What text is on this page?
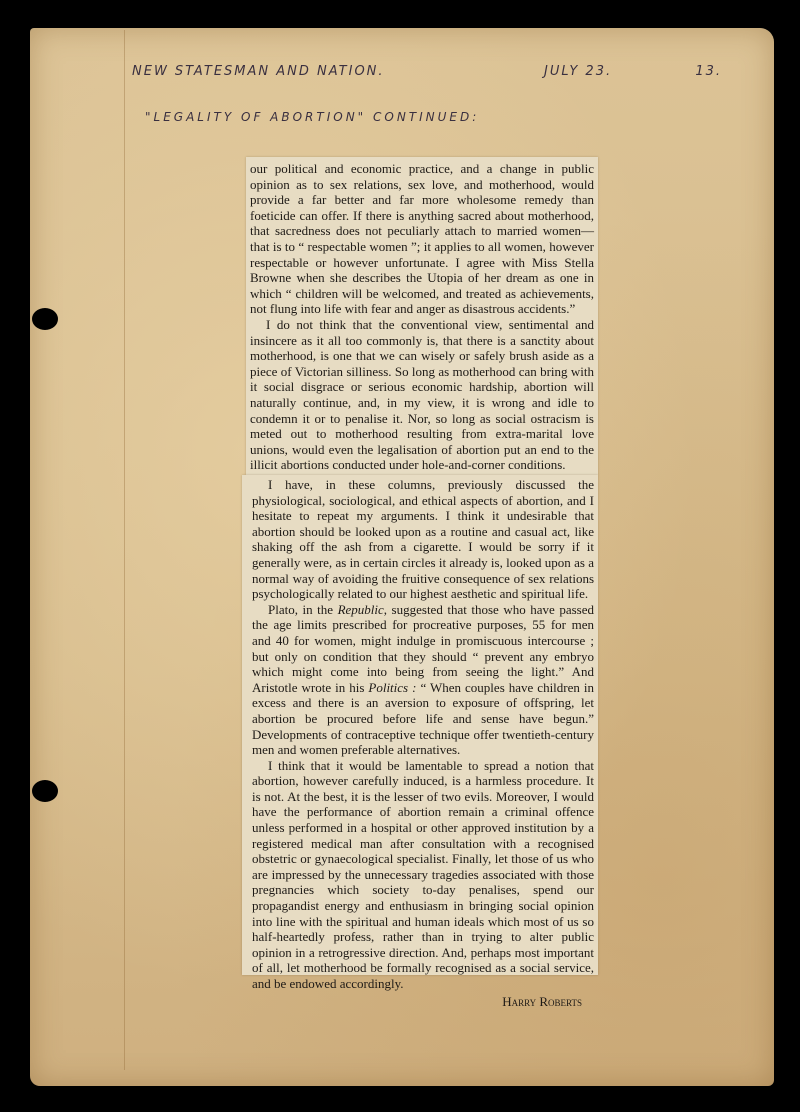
NEW STATESMAN AND NATION.	JULY 23.	13.
"LEGALITY OF ABORTION" CONTINUED:

our political and economic practice, and a change in public opinion as to sex relations, sex love, and motherhood, would provide a far better and far more wholesome remedy than foeticide can offer. If there is anything sacred about motherhood, that sacredness does not peculiarly attach to married women—that is to “ respectable women ”; it applies to all women, however respectable or however unfortunate. I agree with Miss Stella Browne when she describes the Utopia of her dream as one in which “ children will be welcomed, and treated as achievements, not flung into life with fear and anger as disastrous accidents.”

I do not think that the conventional view, sentimental and insincere as it all too commonly is, that there is a sanctity about motherhood, is one that we can wisely or safely brush aside as a piece of Victorian silliness. So long as motherhood can bring with it social disgrace or serious economic hardship, abortion will naturally continue, and, in my view, it is wrong and idle to condemn it or to penalise it. Nor, so long as social ostracism is meted out to motherhood resulting from extra-marital love unions, would even the legalisation of abortion put an end to the illicit abortions conducted under hole-and-corner conditions.

I have, in these columns, previously discussed the physiological, sociological, and ethical aspects of abortion, and I hesitate to repeat my arguments. I think it undesirable that abortion should be looked upon as a routine and casual act, like shaking off the ash from a cigarette. I would be sorry if it generally were, as in certain circles it already is, looked upon as a normal way of avoiding the fruitive consequence of sex relations psychologically related to our highest aesthetic and spiritual life.

Plato, in the Republic, suggested that those who have passed the age limits prescribed for procreative purposes, 55 for men and 40 for women, might indulge in promiscuous intercourse ; but only on condition that they should “ prevent any embryo which might come into being from seeing the light.” And Aristotle wrote in his Politics : “ When couples have children in excess and there is an aversion to exposure of offspring, let abortion be procured before life and sense have begun.” Developments of contraceptive technique offer twentieth-century men and women preferable alternatives.

I think that it would be lamentable to spread a notion that abortion, however carefully induced, is a harmless procedure. It is not. At the best, it is the lesser of two evils. Moreover, I would have the performance of abortion remain a criminal offence unless performed in a hospital or other approved institution by a registered medical man after consultation with a recognised obstetric or gynaecological specialist. Finally, let those of us who are impressed by the unnecessary tragedies associated with those pregnancies which society to-day penalises, spend our propagandist energy and enthusiasm in bringing social opinion into line with the spiritual and human ideals which most of us so half-heartedly profess, rather than in trying to alter public opinion in a retrogressive direction. And, perhaps most important of all, let motherhood be formally recognised as a social service, and be endowed accordingly.

Harry Roberts
